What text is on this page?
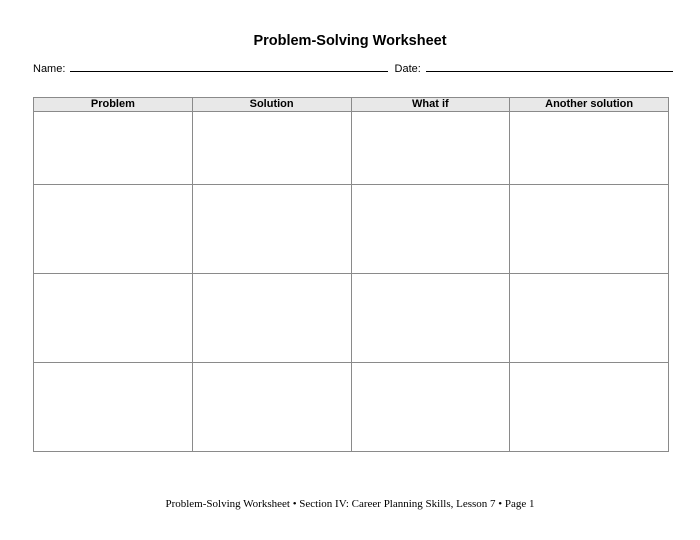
Problem-Solving Worksheet
Name:	Date:
Problem	Solution	What if	Another solution

Problem-Solving Worksheet • Section IV: Career Planning Skills, Lesson 7 • Page 1
